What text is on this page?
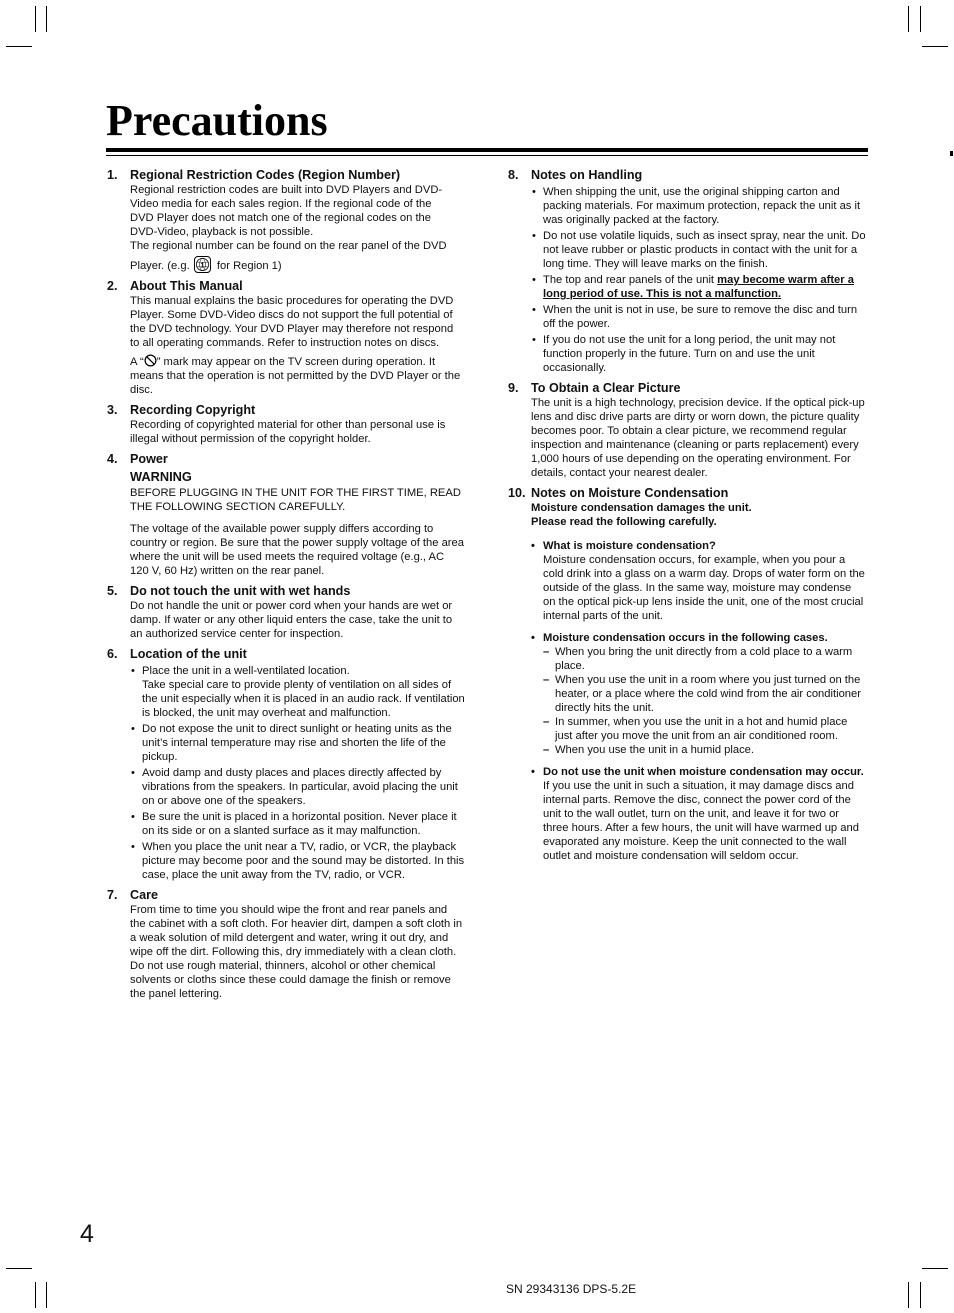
Precautions
1. Regional Restriction Codes (Region Number)
Regional restriction codes are built into DVD Players and DVD-
Video media for each sales region. If the regional code of the
DVD Player does not match one of the regional codes on the
DVD-Video, playback is not possible.
The regional number can be found on the rear panel of the DVD
Player. (e.g. 1 for Region 1)
2. About This Manual

This manual explains the basic procedures for operating the DVD Player. Some DVD-Video discs do not support the full potential of the DVD technology. Your DVD Player may therefore not respond to all operating commands. Refer to instruction notes on discs.

A “ ” mark may appear on the TV screen during operation. It means that the operation is not permitted by the DVD Player or the disc.

3. Recording Copyright

Recording of copyrighted material for other than personal use is illegal without permission of the copyright holder.

4. Power
WARNING

BEFORE PLUGGING IN THE UNIT FOR THE FIRST TIME, READ THE FOLLOWING SECTION CAREFULLY.

The voltage of the available power supply differs according to country or region. Be sure that the power supply voltage of the area where the unit will be used meets the required voltage (e.g., AC 120 V, 60 Hz) written on the rear panel.

5. Do not touch the unit with wet hands

Do not handle the unit or power cord when your hands are wet or damp. If water or any other liquid enters the case, take the unit to an authorized service center for inspection.

6. Location of the unit
• Place the unit in a well-ventilated location.
Take special care to provide plenty of ventilation on all sides of the unit especially when it is placed in an audio rack. If ventilation is blocked, the unit may overheat and malfunction.
• Do not expose the unit to direct sunlight or heating units as the unit’s internal temperature may rise and shorten the life of the pickup.
• Avoid damp and dusty places and places directly affected by vibrations from the speakers. In particular, avoid placing the unit on or above one of the speakers.
• Be sure the unit is placed in a horizontal position. Never place it on its side or on a slanted surface as it may malfunction.
• When you place the unit near a TV, radio, or VCR, the playback picture may become poor and the sound may be distorted. In this case, place the unit away from the TV, radio, or VCR.
7. Care
From time to time you should wipe the front and rear panels and the cabinet with a soft cloth. For heavier dirt, dampen a soft cloth in a weak solution of mild detergent and water, wring it out dry, and wipe off the dirt. Following this, dry immediately with a clean cloth.
Do not use rough material, thinners, alcohol or other chemical solvents or cloths since these could damage the finish or remove the panel lettering.
8. Notes on Handling
• When shipping the unit, use the original shipping carton and packing materials. For maximum protection, repack the unit as it was originally packed at the factory.
• Do not use volatile liquids, such as insect spray, near the unit. Do not leave rubber or plastic products in contact with the unit for a long time. They will leave marks on the finish.
• The top and rear panels of the unit may become warm after a long period of use. This is not a malfunction.
• When the unit is not in use, be sure to remove the disc and turn off the power.
• If you do not use the unit for a long period, the unit may not function properly in the future. Turn on and use the unit occasionally.
9. To Obtain a Clear Picture

The unit is a high technology, precision device. If the optical pick-up lens and disc drive parts are dirty or worn down, the picture quality becomes poor. To obtain a clear picture, we recommend regular inspection and maintenance (cleaning or parts replacement) every 1,000 hours of use depending on the operating environment. For details, contact your nearest dealer.

10. Notes on Moisture Condensation

Moisture condensation damages the unit.

Please read the following carefully.

• What is moisture condensation?
Moisture condensation occurs, for example, when you pour a cold drink into a glass on a warm day. Drops of water form on the outside of the glass. In the same way, moisture may condense on the optical pick-up lens inside the unit, one of the most crucial internal parts of the unit.
• Moisture condensation occurs in the following cases.
– When you bring the unit directly from a cold place to a warm place.
– When you use the unit in a room where you just turned on the heater, or a place where the cold wind from the air conditioner directly hits the unit.
– In summer, when you use the unit in a hot and humid place just after you move the unit from an air conditioned room.
– When you use the unit in a humid place.
• Do not use the unit when moisture condensation may occur.
If you use the unit in such a situation, it may damage discs and internal parts. Remove the disc, connect the power cord of the unit to the wall outlet, turn on the unit, and leave it for two or three hours. After a few hours, the unit will have warmed up and evaporated any moisture. Keep the unit connected to the wall outlet and moisture condensation will seldom occur.
4
SN 29343136 DPS-5.2E
